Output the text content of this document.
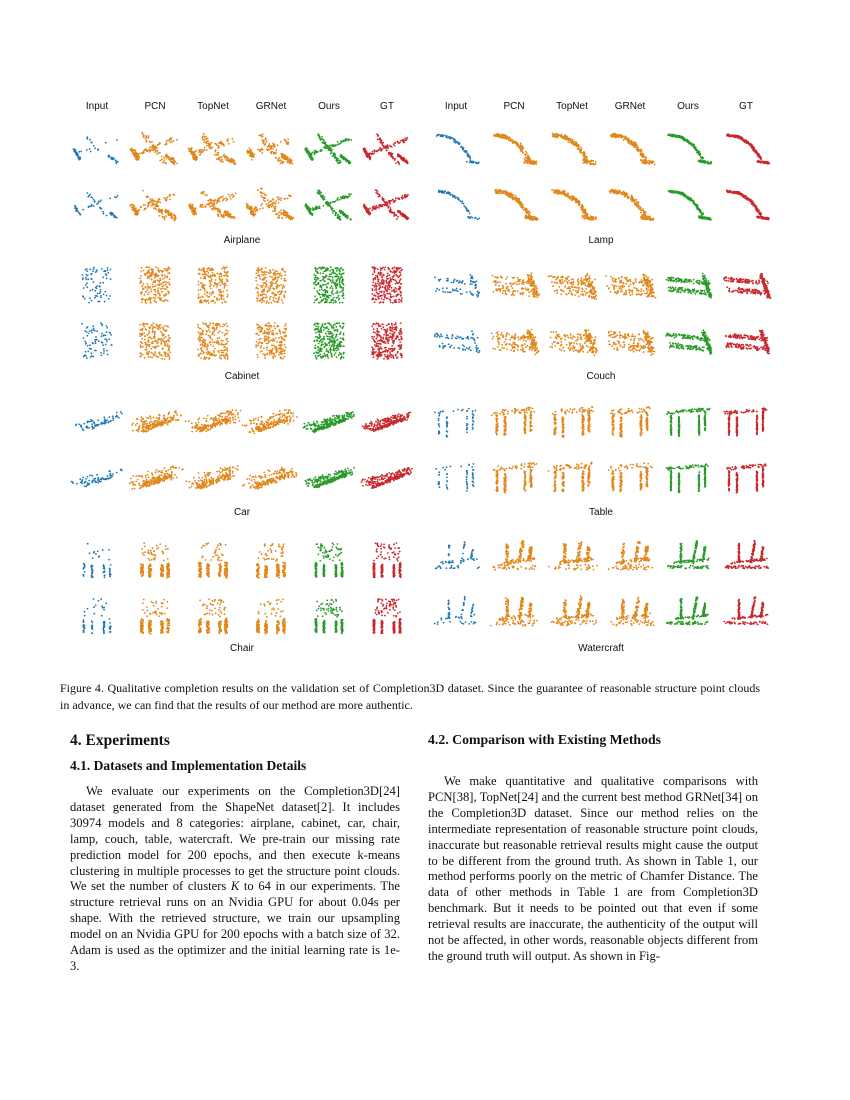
Input	PCN	TopNet	GRNet	Ours	GT
Airplane
Cabinet
Car
Chair
Input	PCN	TopNet	GRNet	Ours	GT
Lamp
Couch
Table
Watercraft
Figure 4. Qualitative completion results on the validation set of Completion3D dataset. Since the guarantee of reasonable structure point clouds in advance, we can find that the results of our method are more authentic.
4. Experiments
4.1. Datasets and Implementation Details

We evaluate our experiments on the Completion3D[24] dataset generated from the ShapeNet dataset[2]. It includes 30974 models and 8 categories: airplane, cabinet, car, chair, lamp, couch, table, watercraft. We pre-train our missing rate prediction model for 200 epochs, and then execute k-means clustering in multiple processes to get the structure point clouds. We set the number of clusters K to 64 in our experiments. The structure retrieval runs on an Nvidia GPU for about 0.04s per shape. With the retrieved structure, we train our upsampling model on an Nvidia GPU for 200 epochs with a batch size of 32. Adam is used as the optimizer and the initial learning rate is 1e-3.

4.2. Comparison with Existing Methods

We make quantitative and qualitative comparisons with PCN[38], TopNet[24] and the current best method GRNet[34] on the Completion3D dataset. Since our method relies on the intermediate representation of reasonable structure point clouds, inaccurate but reasonable retrieval results might cause the output to be different from the ground truth. As shown in Table 1, our method performs poorly on the metric of Chamfer Distance. The data of other methods in Table 1 are from Completion3D benchmark. But it needs to be pointed out that even if some retrieval results are inaccurate, the authenticity of the output will not be affected, in other words, reasonable objects different from the ground truth will output. As shown in Fig-
